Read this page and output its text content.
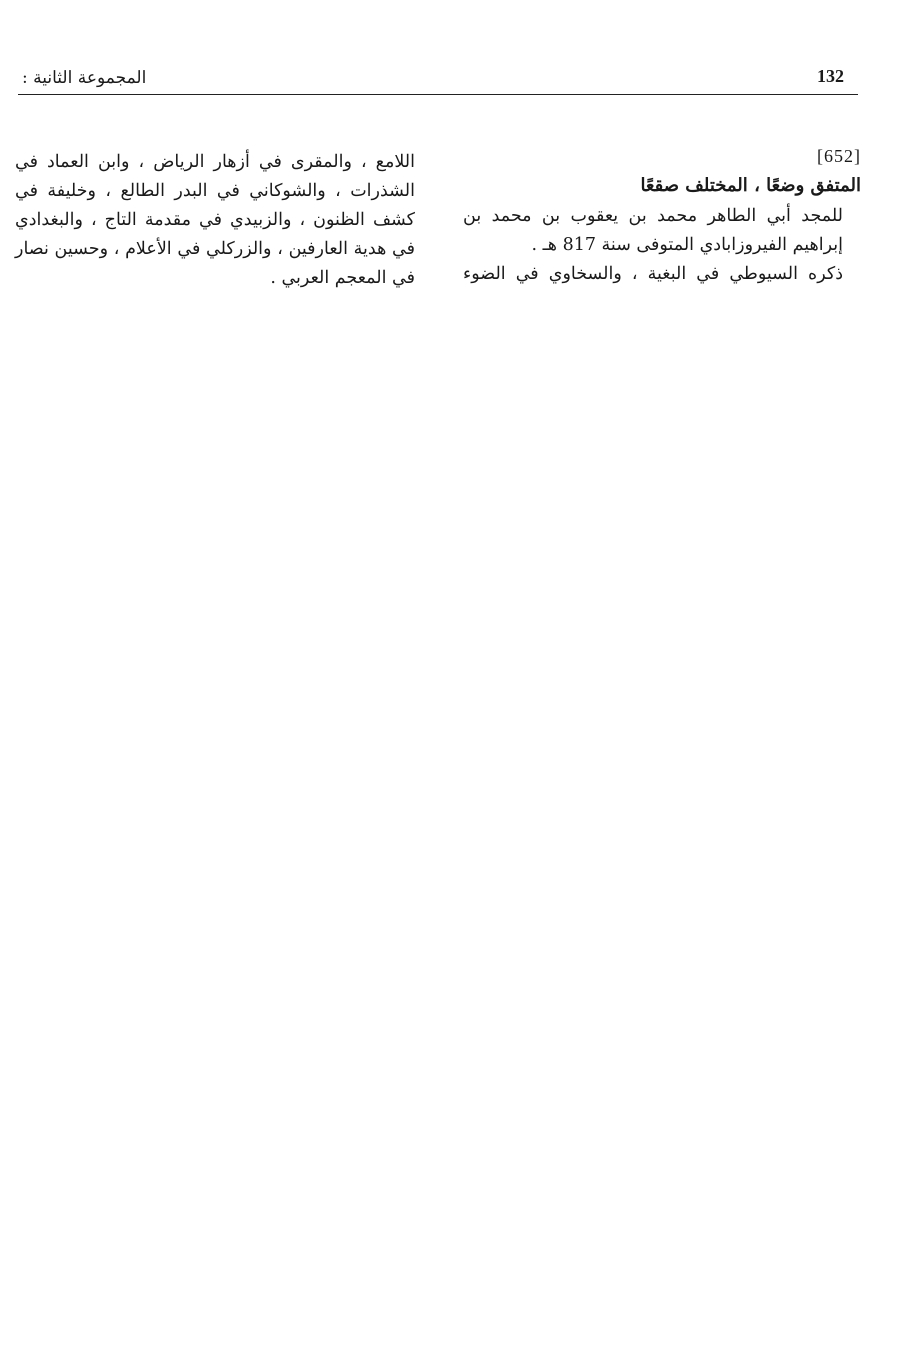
132
المجموعة الثانية :
[652]
المتفق وضعًا ، المختلف صقعًا
للمجد أبي الطاهر محمد بن يعقوب بن محمد بن
إبراهيم الفيروزابادي المتوفى سنة 817 هـ .
ذكره السيوطي في البغية ، والسخاوي في الضوء
اللامع ، والمقرى في أزهار الرياض ، وابن العماد في
الشذرات ، والشوكاني في البدر الطالع ، وخليفة في
كشف الظنون ، والزبيدي في مقدمة التاج ، والبغدادي
في هدية العارفين ، والزركلي في الأعلام ، وحسين نصار
في المعجم العربي .
